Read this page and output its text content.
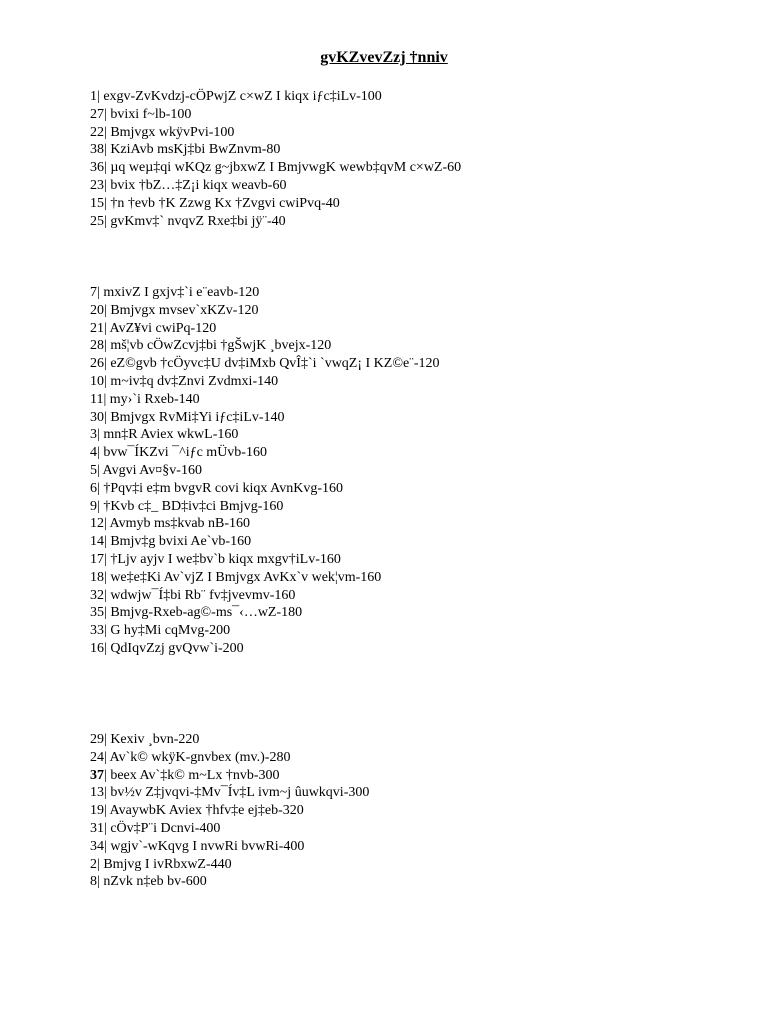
gvKZvevZzj †nniv
1| exgv-ZvKvdzj-cÖPwjZ c×wZ I kiqx iƒc‡iLv-100
27| bvixi f~lb-100
22| Bmjvgx wkÿvPvi-100
38| KziAvb msKj‡bi BwZnvm-80
36| µq weµ‡qi wKQz g~jbxwZ I BmjvwgK wewb‡qvM c×wZ-60
23| bvix †bZ…‡Z¡i kiqx weavb-60
15| †n †evb †K Zzwg Kx †Zvgvi cwiPvq-40
25| gvKmv‡` nvqvZ Rxe‡bi jÿ¨-40
7| mxivZ I gxjv‡`i e¨eavb-120
20| Bmjvgx mvsev`xKZv-120
21| AvZ¥vi cwiPq-120
28| mš¦vb cÖwZcvj‡bi †gŠwjK ¸bvejx-120
26| eZ©gvb †cÖyvc‡U dv‡iMxb QvÎ‡`i `vwqZ¡ I KZ©e¨-120
10| m~iv‡q dv‡Znvi Zvdmxi-140
11| my›`i Rxeb-140
30| Bmjvgx RvMi‡Yi iƒc‡iLv-140
3| mn‡R Aviex wkwL-160
4| bvw¯ÍKZvi ¯^iƒc mÜvb-160
5| Avgvi Av¤§v-160
6| †Pqv‡i e‡m bvgvR covi kiqx AvnKvg-160
9| †Kvb c‡_ BD‡iv‡ci Bmjvg-160
12| Avmyb ms‡kvab nB-160
14| Bmjv‡g bvixi Ae`vb-160
17| †Ljv ayjv I we‡bv`b kiqx mxgv†iLv-160
18| we‡e‡Ki Av`vjZ I Bmjvgx AvKx`v wek¦vm-160
32| wdwjw¯Í‡bi Rb¨ fv‡jvevmv-160
35| Bmjvg-Rxeb-ag©-ms¯‹…wZ-180
33| G hy‡Mi cqMvg-200
16| QdIqvZzj gvQvw`i-200
29| Kexiv ¸bvn-220
24| Av`k© wkÿK-gnvbex (mv.)-280
37| beex Av`‡k© m~Lx †nvb-300
13| bv½v Z‡jvqvi-‡Mv¯Ív‡L ivm~j ûuwkqvi-300
19| AvaywbK Aviex †hfv‡e ej‡eb-320
31| cÖv‡P¨i Dcnvi-400
34| wgjv`-wKqvg I nvwRi bvwRi-400
2| Bmjvg I ivRbxwZ-440
8| nZvk n‡eb bv-600
